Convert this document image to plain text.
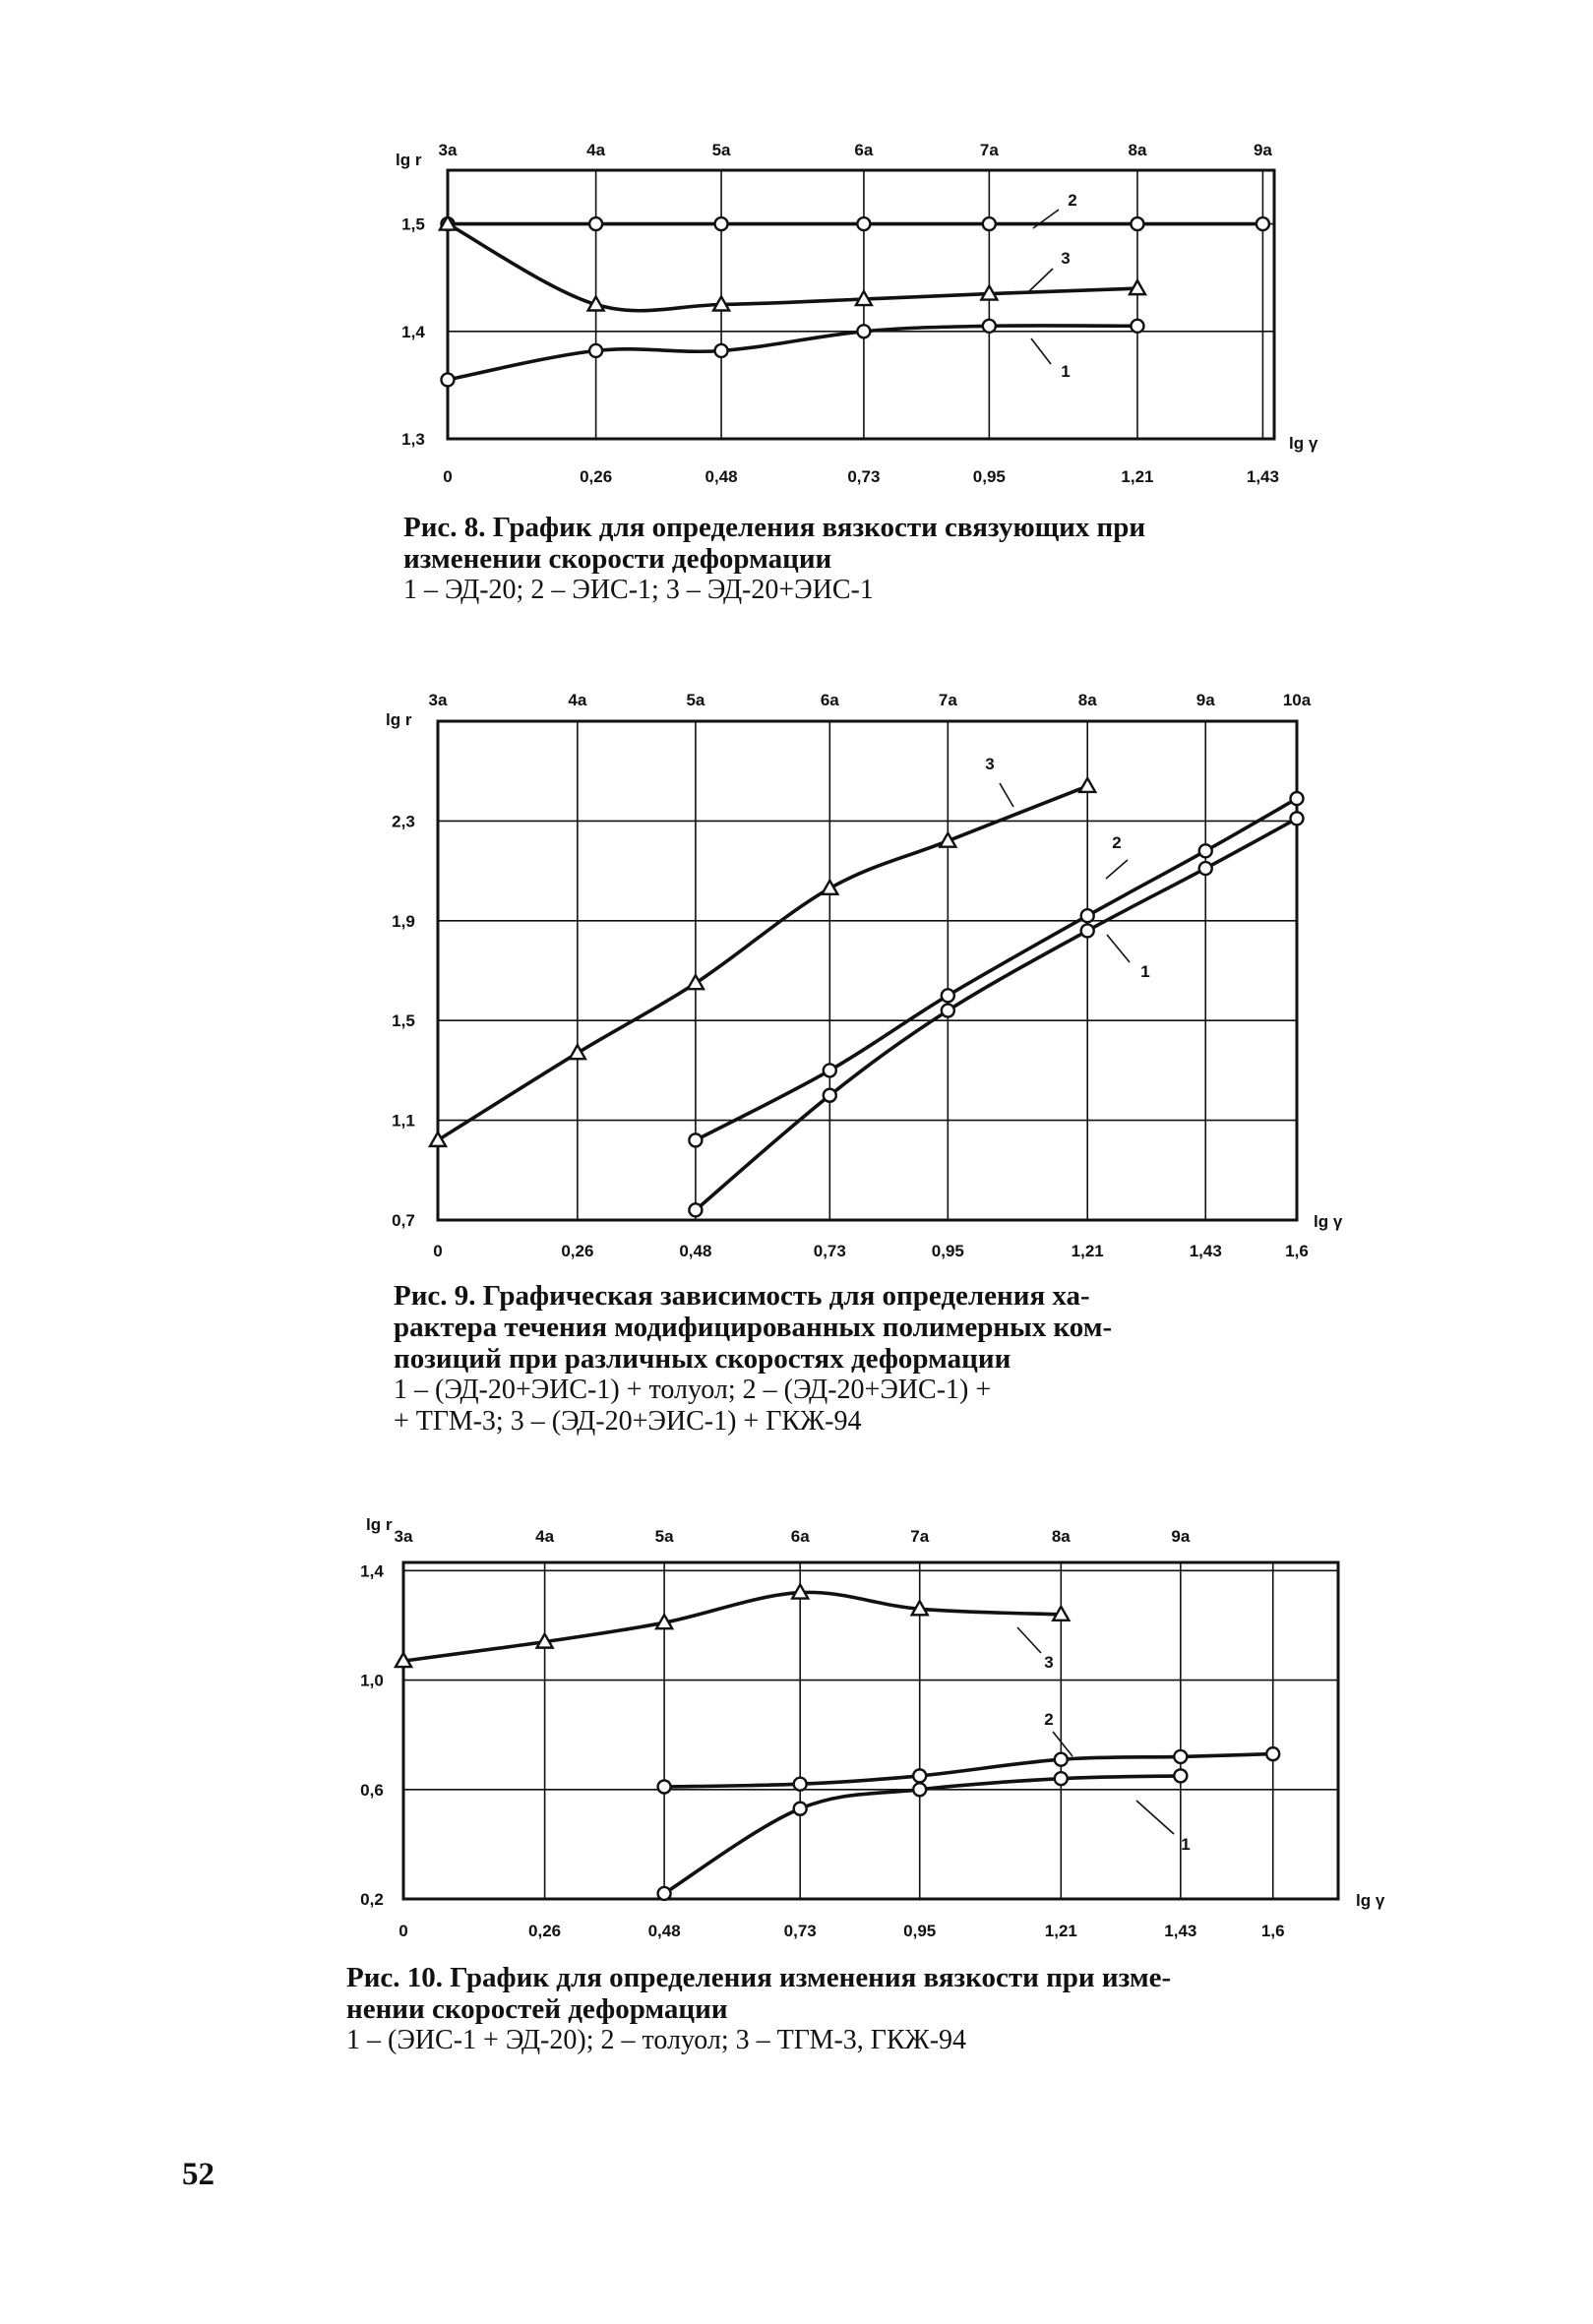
0
3a
0,26
4a
0,48
5a
0,73
6a
0,95
7a
1,21
8a
1,43
9a
1,3
1,4
1,5
lg r
lg γ
1
2
3
0
3a
0,26
4a
0,48
5a
0,73
6a
0,95
7a
1,21
8a
1,43
9a
1,6
10a
0,7
1,1
1,5
1,9
2,3
lg r
lg γ
1
2
3
0
3a
0,26
4a
0,48
5a
0,73
6a
0,95
7a
1,21
8a
1,43
9a
1,6
0,2
0,6
1,0
1,4
lg r
lg γ
1
2
3
Рис. 8. График для определения вязкости связующих при
изменении скорости деформации
1 – ЭД-20; 2 – ЭИС-1; 3 – ЭД-20+ЭИС-1
Рис. 9. Графическая зависимость для определения ха-
рактера течения модифицированных полимерных ком-
позиций при различных скоростях деформации
1 – (ЭД-20+ЭИС-1) + толуол; 2 – (ЭД-20+ЭИС-1) +
+ ТГМ-3; 3 – (ЭД-20+ЭИС-1) + ГКЖ-94
Рис. 10. График для определения изменения вязкости при изме-
нении скоростей деформации
1 – (ЭИС-1 + ЭД-20); 2 – толуол; 3 – ТГМ-3, ГКЖ-94
52
